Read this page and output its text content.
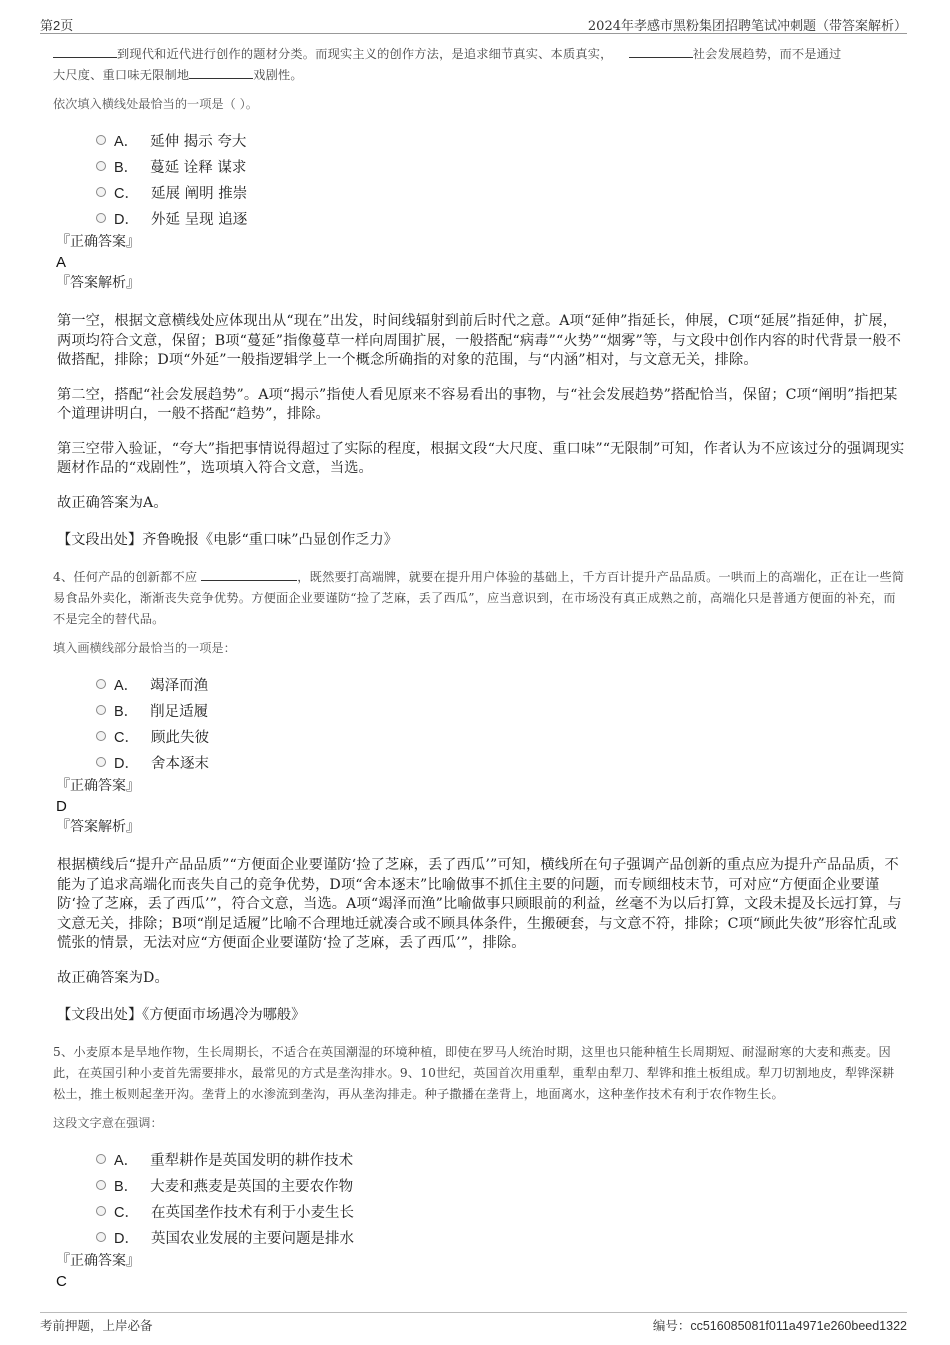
第2页	2024年孝感市黑粉集团招聘笔试冲刺题（带答案解析）
到现代和近代进行创作的题材分类。而现实主义的创作方法，是追求细节真实、本质真实，	社会发展趋势，而不是通过
大尺度、重口味无限制地	戏剧性。
依次填入横线处最恰当的一项是（ ）。
A． 延伸 揭示 夸大
B． 蔓延 诠释 谋求
C． 延展 阐明 推崇
D． 外延 呈现 追逐
『正确答案』
A
『答案解析』

第一空，根据文意横线处应体现出从“现在”出发，时间线辐射到前后时代之意。A项“延伸”指延长，伸展，C项“延展”指延伸，扩展，两项均符合文意，保留；B项“蔓延”指像蔓草一样向周围扩展，一般搭配“病毒”“火势”“烟雾”等，与文段中创作内容的时代背景一般不做搭配，排除；D项“外延”一般指逻辑学上一个概念所确指的对象的范围，与“内涵”相对，与文意无关，排除。

第二空，搭配“社会发展趋势”。A项“揭示”指使人看见原来不容易看出的事物，与“社会发展趋势”搭配恰当，保留；C项“阐明”指把某个道理讲明白，一般不搭配“趋势”，排除。

第三空带入验证，“夸大”指把事情说得超过了实际的程度，根据文段“大尺度、重口味”“无限制”可知，作者认为不应该过分的强调现实题材作品的“戏剧性”，选项填入符合文意，当选。

故正确答案为A。

【文段出处】齐鲁晚报《电影“重口味”凸显创作乏力》
4、任何产品的创新都不应	，既然要打高端牌，就要在提升用户体验的基础上，千方百计提升产品品质。一哄而上的高端化，正在让一些简易食品外卖化，渐渐丧失竞争优势。方便面企业要谨防“捡了芝麻，丢了西瓜”，应当意识到，在市场没有真正成熟之前，高端化只是普通方便面的补充，而不是完全的替代品。
填入画横线部分最恰当的一项是：
A． 竭泽而渔
B． 削足适履
C． 顾此失彼
D． 舍本逐末
『正确答案』
D
『答案解析』

根据横线后“提升产品品质”“方便面企业要谨防‘捡了芝麻，丢了西瓜’”可知，横线所在句子强调产品创新的重点应为提升产品品质，不能为了追求高端化而丧失自己的竞争优势，D项“舍本逐末”比喻做事不抓住主要的问题，而专顾细枝末节，可对应“方便面企业要谨防‘捡了芝麻，丢了西瓜’”，符合文意，当选。A项“竭泽而渔”比喻做事只顾眼前的利益，丝毫不为以后打算，文段未提及长远打算，与文意无关，排除；B项“削足适履”比喻不合理地迁就凑合或不顾具体条件，生搬硬套，与文意不符，排除；C项“顾此失彼”形容忙乱或慌张的情景，无法对应“方便面企业要谨防‘捡了芝麻，丢了西瓜’”，排除。

故正确答案为D。

【文段出处】《方便面市场遇冷为哪般》
5、小麦原本是旱地作物，生长周期长，不适合在英国潮湿的环境种植，即使在罗马人统治时期，这里也只能种植生长周期短、耐湿耐寒的大麦和燕麦。因此，在英国引种小麦首先需要排水，最常见的方式是垄沟排水。9、10世纪，英国首次用重犁，重犁由犁刀、犁铧和推土板组成。犁刀切割地皮，犁铧深耕松土，推土板则起垄开沟。垄背上的水渗流到垄沟，再从垄沟排走。种子撒播在垄背上，地面离水，这种垄作技术有利于农作物生长。
这段文字意在强调：
A． 重犁耕作是英国发明的耕作技术
B． 大麦和燕麦是英国的主要农作物
C． 在英国垄作技术有利于小麦生长
D． 英国农业发展的主要问题是排水
『正确答案』
C
考前押题，上岸必备	编号：cc516085081f011a4971e260beed1322
